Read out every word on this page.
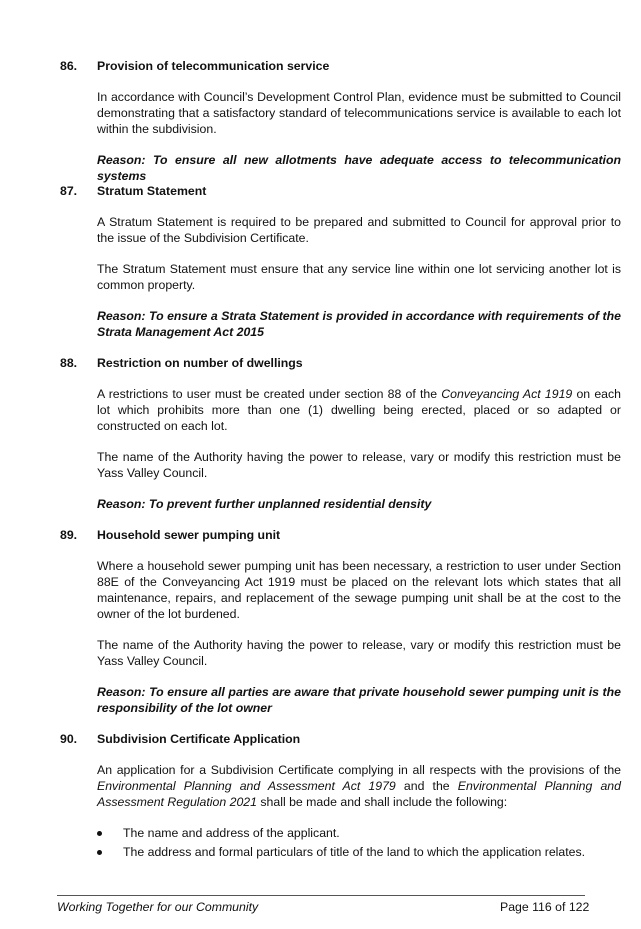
86. Provision of telecommunication service

In accordance with Council’s Development Control Plan, evidence must be submitted to Council demonstrating that a satisfactory standard of telecommunications service is available to each lot within the subdivision.

Reason: To ensure all new allotments have adequate access to telecommunication systems

87. Stratum Statement

A Stratum Statement is required to be prepared and submitted to Council for approval prior to the issue of the Subdivision Certificate.

The Stratum Statement must ensure that any service line within one lot servicing another lot is common property.

Reason: To ensure a Strata Statement is provided in accordance with requirements of the Strata Management Act 2015

88. Restriction on number of dwellings

A restrictions to user must be created under section 88 of the Conveyancing Act 1919 on each lot which prohibits more than one (1) dwelling being erected, placed or so adapted or constructed on each lot.

The name of the Authority having the power to release, vary or modify this restriction must be Yass Valley Council.

Reason: To prevent further unplanned residential density

89. Household sewer pumping unit

Where a household sewer pumping unit has been necessary, a restriction to user under Section 88E of the Conveyancing Act 1919 must be placed on the relevant lots which states that all maintenance, repairs, and replacement of the sewage pumping unit shall be at the cost to the owner of the lot burdened.

The name of the Authority having the power to release, vary or modify this restriction must be Yass Valley Council.

Reason: To ensure all parties are aware that private household sewer pumping unit is the responsibility of the lot owner

90. Subdivision Certificate Application

An application for a Subdivision Certificate complying in all respects with the provisions of the Environmental Planning and Assessment Act 1979 and the Environmental Planning and Assessment Regulation 2021 shall be made and shall include the following:

The name and address of the applicant.
The address and formal particulars of title of the land to which the application relates.
Working Together for our Community	Page 116 of 122
